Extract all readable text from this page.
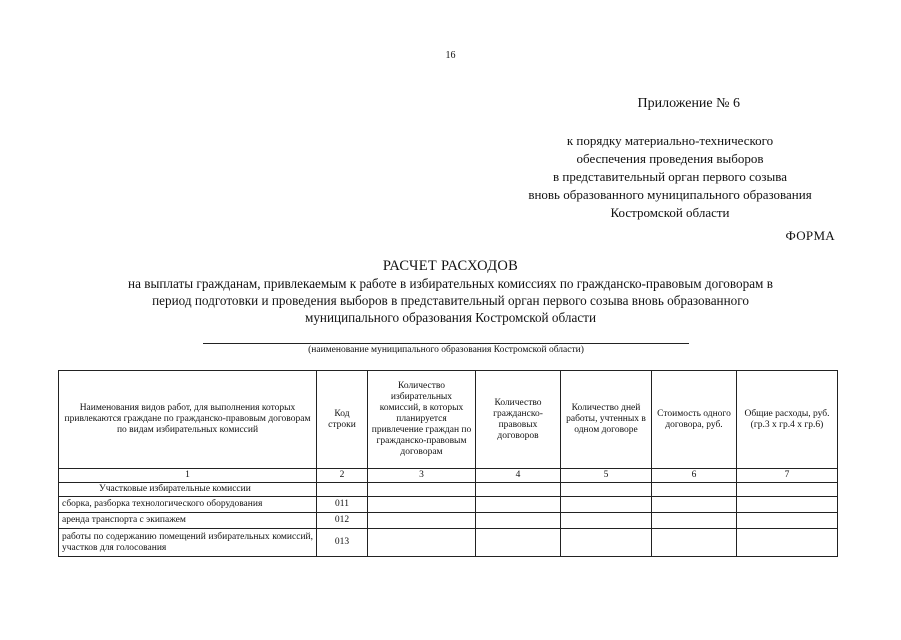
16
Приложение № 6
к порядку материально-технического
обеспечения проведения выборов
в представительный орган первого созыва
вновь образованного муниципального образования
Костромской области
ФОРМА
РАСЧЕТ РАСХОДОВ
на выплаты гражданам, привлекаемым к работе в избирательных комиссиях по гражданско-правовым договорам в
период подготовки и проведения выборов в представительный орган первого созыва вновь образованного
муниципального образования Костромской области
(наименование муниципального образования Костромской области)
Наименования видов работ, для выполнения которых привлекаются граждане по гражданско-правовым договорам по видам избирательных комиссий	Код строки	Количество избирательных комиссий, в которых планируется привлечение граждан по гражданско-правовым договорам	Количество гражданско-правовых договоров	Количество дней работы, учтенных в одном договоре	Стоимость одного договора, руб.	Общие расходы, руб. (гр.3 х гр.4 х гр.6)
1	2	3	4	5	6	7
Участковые избирательные комиссии						
сборка, разборка технологического оборудования	011					
аренда транспорта с экипажем	012					
работы по содержанию помещений избирательных комиссий, участков для голосования	013					
